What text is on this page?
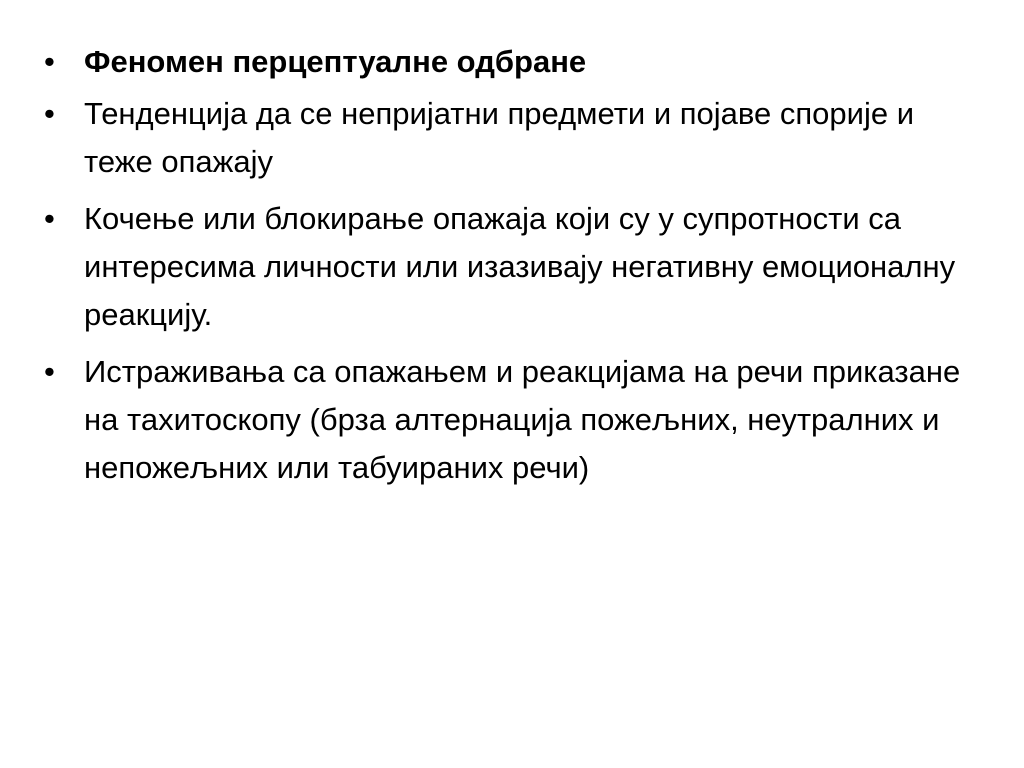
• Феномен перцептуалне одбране
• Тенденција да се непријатни предмети и појаве спорије и теже опажају
• Кочење или блокирање опажаја који су у супротности са интересима личности или изазивају негативну емоционалну реакцију.
• Истраживања са опажањем и реакцијама на речи приказане на тахитоскопу (брза алтернација пожељних, неутралних и непожељних или табуираних речи)
